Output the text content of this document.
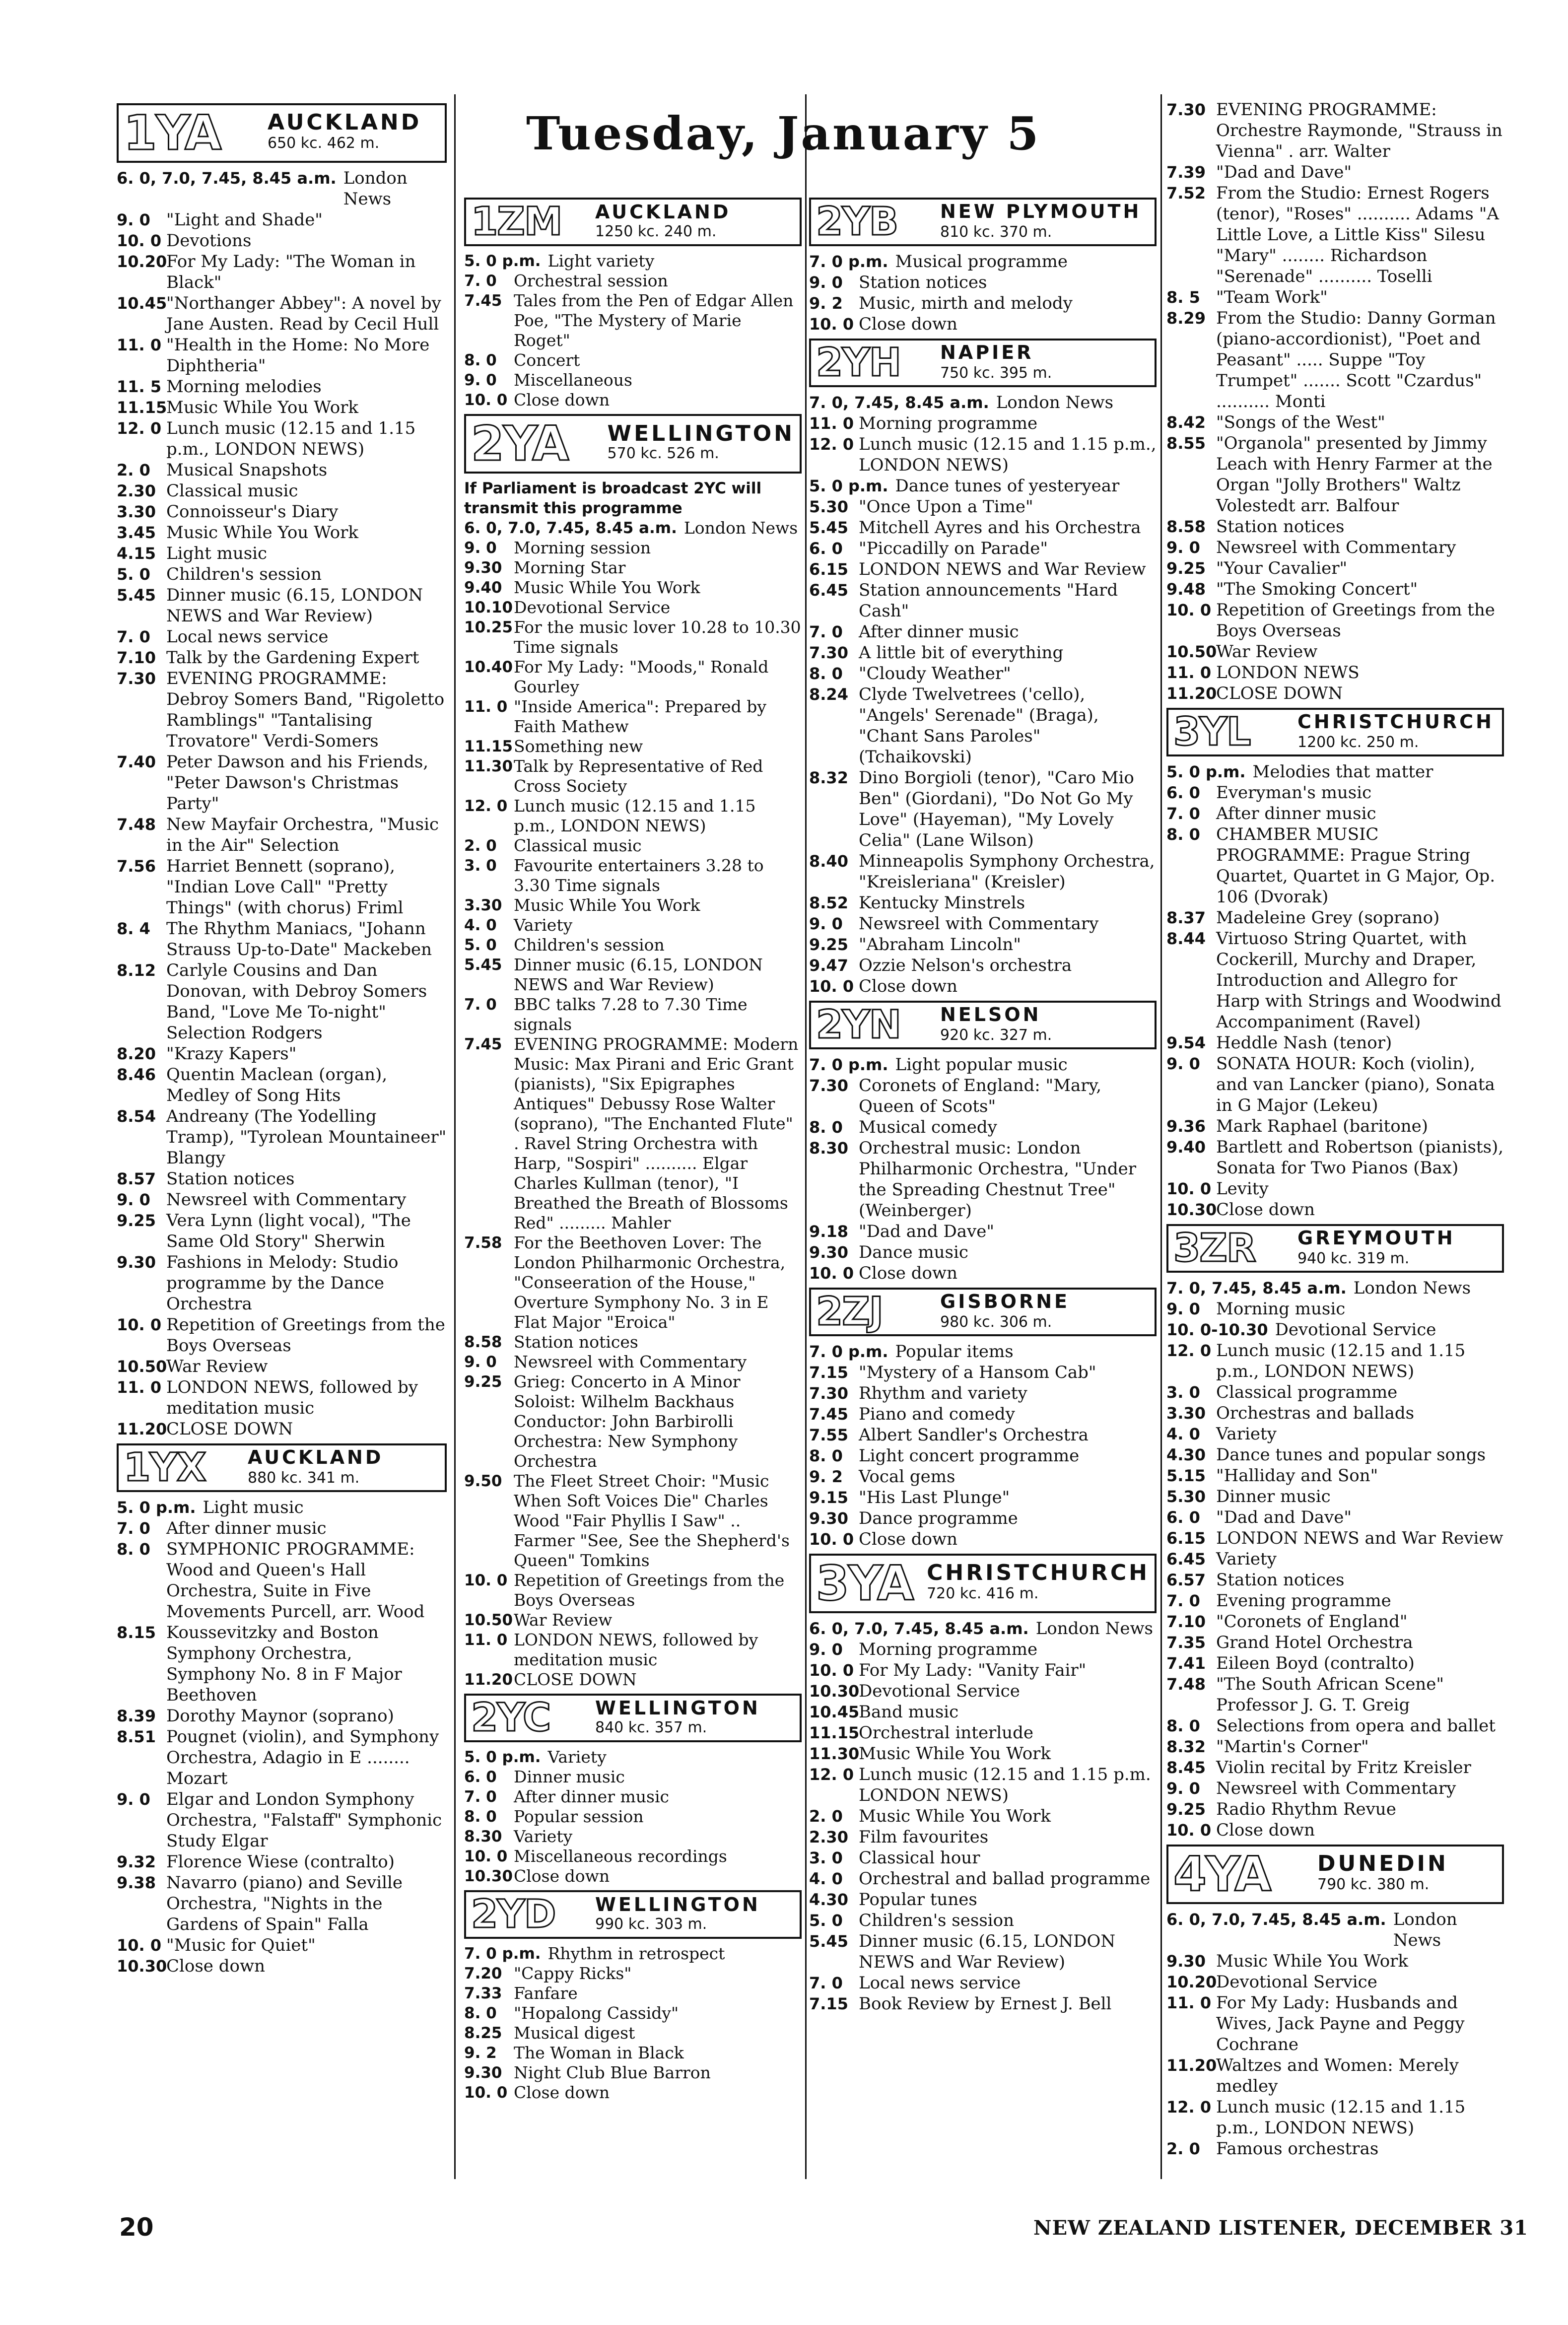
Tuesday, January 5
1YA	AUCKLAND
650 kc. 462 m.
6. 0, 7.0, 7.45, 8.45 a.m. London News
9. 0 "Light and Shade"
10. 0 Devotions
10.20
For My Lady: "The Woman in Black"
10.45
"Northanger Abbey": A novel by Jane Austen. Read by Cecil Hull
11. 0 "Health in the Home: No More Diphtheria"
11. 5 Morning melodies
11.15
Music While You Work
12. 0 Lunch music (12.15 and 1.15 p.m., LONDON NEWS)
2. 0 Musical Snapshots
2.30 Classical music
3.30 Connoisseur's Diary
3.45 Music While You Work
4.15 Light music
5. 0 Children's session
5.45 Dinner music (6.15, LONDON NEWS and War Review)
7. 0 Local news service
7.10 Talk by the Gardening Expert
7.30 EVENING PROGRAMME: Debroy Somers Band, "Rigoletto Ramblings" "Tantalising Trovatore" Verdi-Somers
7.40 Peter Dawson and his Friends, "Peter Dawson's Christmas Party"
7.48 New Mayfair Orchestra, "Music in the Air" Selection
7.56 Harriet Bennett (soprano), "Indian Love Call" "Pretty Things" (with chorus) Friml
8. 4 The Rhythm Maniacs, "Johann Strauss Up-to-Date" Mackeben
8.12 Carlyle Cousins and Dan Donovan, with Debroy Somers Band, "Love Me To-night" Selection Rodgers
8.20 "Krazy Kapers"
8.46 Quentin Maclean (organ), Medley of Song Hits
8.54 Andreany (The Yodelling Tramp), "Tyrolean Mountaineer" Blangy
8.57 Station notices
9. 0 Newsreel with Commentary
9.25 Vera Lynn (light vocal), "The Same Old Story" Sherwin
9.30 Fashions in Melody: Studio programme by the Dance Orchestra
10. 0 Repetition of Greetings from the Boys Overseas
10.50
War Review
11. 0 LONDON NEWS, followed by meditation music
11.20
CLOSE DOWN
1YX	AUCKLAND
880 kc. 341 m.
5. 0 p.m. Light music
7. 0 After dinner music
8. 0 SYMPHONIC PROGRAMME: Wood and Queen's Hall Orchestra, Suite in Five Movements Purcell, arr. Wood
8.15 Koussevitzky and Boston Symphony Orchestra, Symphony No. 8 in F Major Beethoven
8.39 Dorothy Maynor (soprano)
8.51 Pougnet (violin), and Symphony Orchestra, Adagio in E ........ Mozart
9. 0 Elgar and London Symphony Orchestra, "Falstaff" Symphonic Study Elgar
9.32 Florence Wiese (contralto)
9.38 Navarro (piano) and Seville Orchestra, "Nights in the Gardens of Spain" Falla
10. 0 "Music for Quiet"
10.30
Close down
1ZM	AUCKLAND
1250 kc. 240 m.
5. 0 p.m. Light variety
7. 0	Orchestral session
7.45 Tales from the Pen of Edgar Allen Poe, "The Mystery of Marie Roget"
8. 0	Concert
9. 0	Miscellaneous
10. 0 Close down
2YA	WELLINGTON
570 kc. 526 m.
If Parliament is broadcast 2YC will transmit this programme
6. 0, 7.0, 7.45, 8.45 a.m. London News
9. 0	Morning session
9.30 Morning Star
9.40 Music While You Work
10.10 Devotional Service
10.25 For the music lover 10.28 to 10.30 Time signals
10.40 For My Lady: "Moods," Ronald Gourley
11. 0 "Inside America": Prepared by Faith Mathew
11.15 Something new
11.30 Talk by Representative of Red Cross Society
12. 0 Lunch music (12.15 and 1.15 p.m., LONDON NEWS)
2. 0	Classical music
3. 0	Favourite entertainers 3.28 to 3.30 Time signals
3.30 Music While You Work
4. 0	Variety
5. 0	Children's session
5.45 Dinner music (6.15, LONDON NEWS and War Review)
7. 0	BBC talks 7.28 to 7.30 Time signals
7.45 EVENING PROGRAMME: Modern Music: Max Pirani and Eric Grant (pianists), "Six Epigraphes Antiques" Debussy Rose Walter (soprano), "The Enchanted Flute" . Ravel String Orchestra with Harp, "Sospiri" .......... Elgar Charles Kullman (tenor), "I Breathed the Breath of Blossoms Red" ......... Mahler
7.58 For the Beethoven Lover: The London Philharmonic Orchestra, "Conseeration of the House," Overture Symphony No. 3 in E Flat Major "Eroica"
8.58 Station notices
9. 0	Newsreel with Commentary
9.25 Grieg: Concerto in A Minor Soloist: Wilhelm Backhaus Conductor: John Barbirolli Orchestra: New Symphony Orchestra
9.50 The Fleet Street Choir: "Music When Soft Voices Die" Charles Wood "Fair Phyllis I Saw" .. Farmer "See, See the Shepherd's Queen" Tomkins
10. 0 Repetition of Greetings from the Boys Overseas
10.50 War Review
11. 0 LONDON NEWS, followed by meditation music
11.20 CLOSE DOWN
2YC	WELLINGTON
840 kc. 357 m.
5. 0 p.m. Variety
6. 0	Dinner music
7. 0	After dinner music
8. 0	Popular session
8.30 Variety
10. 0 Miscellaneous recordings
10.30 Close down
2YD	WELLINGTON
990 kc. 303 m.
7. 0 p.m. Rhythm in retrospect
7.20 "Cappy Ricks"
7.33 Fanfare
8. 0	"Hopalong Cassidy"
8.25 Musical digest
9. 2	The Woman in Black
9.30 Night Club Blue Barron
10. 0 Close down
2YB	NEW PLYMOUTH
810 kc. 370 m.
7. 0 p.m. Musical programme
9. 0 Station notices
9. 2 Music, mirth and melody
10. 0 Close down
2YH	NAPIER
750 kc. 395 m.
7. 0, 7.45, 8.45 a.m. London News
11. 0 Morning programme
12. 0 Lunch music (12.15 and 1.15 p.m., LONDON NEWS)
5. 0 p.m. Dance tunes of yesteryear
5.30 "Once Upon a Time"
5.45 Mitchell Ayres and his Orchestra
6. 0 "Piccadilly on Parade"
6.15 LONDON NEWS and War Review
6.45 Station announcements "Hard Cash"
7. 0 After dinner music
7.30 A little bit of everything
8. 0 "Cloudy Weather"
8.24 Clyde Twelvetrees ('cello), "Angels' Serenade" (Braga), "Chant Sans Paroles" (Tchaikovski)
8.32 Dino Borgioli (tenor), "Caro Mio Ben" (Giordani), "Do Not Go My Love" (Hayeman), "My Lovely Celia" (Lane Wilson)
8.40 Minneapolis Symphony Orchestra, "Kreisleriana" (Kreisler)
8.52 Kentucky Minstrels
9. 0 Newsreel with Commentary
9.25 "Abraham Lincoln"
9.47 Ozzie Nelson's orchestra
10. 0 Close down
2YN	NELSON
920 kc. 327 m.
7. 0 p.m. Light popular music
7.30 Coronets of England: "Mary, Queen of Scots"
8. 0 Musical comedy
8.30 Orchestral music: London Philharmonic Orchestra, "Under the Spreading Chestnut Tree" (Weinberger)
9.18 "Dad and Dave"
9.30 Dance music
10. 0 Close down
2ZJ	GISBORNE
980 kc. 306 m.
7. 0 p.m. Popular items
7.15 "Mystery of a Hansom Cab"
7.30 Rhythm and variety
7.45 Piano and comedy
7.55 Albert Sandler's Orchestra
8. 0 Light concert programme
9. 2 Vocal gems
9.15 "His Last Plunge"
9.30 Dance programme
10. 0 Close down
3YA CHRISTCHURCH
720 kc. 416 m.
6. 0, 7.0, 7.45, 8.45 a.m. London News
9. 0 Morning programme
10. 0 For My Lady: "Vanity Fair"
10.30
Devotional Service
10.45
Band music
11.15
Orchestral interlude
11.30
Music While You Work
12. 0 Lunch music (12.15 and 1.15 p.m. LONDON NEWS)
2. 0 Music While You Work
2.30 Film favourites
3. 0 Classical hour
4. 0 Orchestral and ballad programme
4.30 Popular tunes
5. 0 Children's session
5.45 Dinner music (6.15, LONDON NEWS and War Review)
7. 0 Local news service
7.15 Book Review by Ernest J. Bell
7.30 EVENING PROGRAMME: Orchestre Raymonde, "Strauss in Vienna" . arr. Walter
7.39 "Dad and Dave"
7.52 From the Studio: Ernest Rogers (tenor), "Roses" .......... Adams "A Little Love, a Little Kiss" Silesu "Mary" ........ Richardson "Serenade" .......... Toselli
8. 5 "Team Work"
8.29 From the Studio: Danny Gorman (piano-accordionist), "Poet and Peasant" ..... Suppe "Toy Trumpet" ....... Scott "Czardus" .......... Monti
8.42 "Songs of the West"
8.55 "Organola" presented by Jimmy Leach with Henry Farmer at the Organ "Jolly Brothers" Waltz Volestedt arr. Balfour
8.58 Station notices
9. 0 Newsreel with Commentary
9.25 "Your Cavalier"
9.48 "The Smoking Concert"
10. 0 Repetition of Greetings from the Boys Overseas
10.50
War Review
11. 0 LONDON NEWS
11.20
CLOSE DOWN
3YL	CHRISTCHURCH
1200 kc. 250 m.
5. 0 p.m. Melodies that matter
6. 0 Everyman's music
7. 0 After dinner music
8. 0 CHAMBER MUSIC PROGRAMME: Prague String Quartet, Quartet in G Major, Op. 106 (Dvorak)
8.37 Madeleine Grey (soprano)
8.44 Virtuoso String Quartet, with Cockerill, Murchy and Draper, Introduction and Allegro for Harp with Strings and Woodwind Accompaniment (Ravel)
9.54 Heddle Nash (tenor)
9. 0 SONATA HOUR: Koch (violin), and van Lancker (piano), Sonata in G Major (Lekeu)
9.36 Mark Raphael (baritone)
9.40 Bartlett and Robertson (pianists), Sonata for Two Pianos (Bax)
10. 0 Levity
10.30
Close down
3ZR	GREYMOUTH
940 kc. 319 m.
7. 0, 7.45, 8.45 a.m. London News
9. 0 Morning music
10. 0-10.30 Devotional Service
12. 0 Lunch music (12.15 and 1.15 p.m., LONDON NEWS)
3. 0 Classical programme
3.30 Orchestras and ballads
4. 0 Variety
4.30 Dance tunes and popular songs
5.15 "Halliday and Son"
5.30 Dinner music
6. 0 "Dad and Dave"
6.15 LONDON NEWS and War Review
6.45 Variety
6.57 Station notices
7. 0 Evening programme
7.10 "Coronets of England"
7.35 Grand Hotel Orchestra
7.41 Eileen Boyd (contralto)
7.48 "The South African Scene" Professor J. G. T. Greig
8. 0 Selections from opera and ballet
8.32 "Martin's Corner"
8.45 Violin recital by Fritz Kreisler
9. 0 Newsreel with Commentary
9.25 Radio Rhythm Revue
10. 0 Close down
4YA	DUNEDIN
790 kc. 380 m.
6. 0, 7.0, 7.45, 8.45 a.m. London News
9.30 Music While You Work
10.20
Devotional Service
11. 0 For My Lady: Husbands and Wives, Jack Payne and Peggy Cochrane
11.20
Waltzes and Women: Merely medley
12. 0 Lunch music (12.15 and 1.15 p.m., LONDON NEWS)
2. 0 Famous orchestras
20	NEW ZEALAND LISTENER, DECEMBER 31
